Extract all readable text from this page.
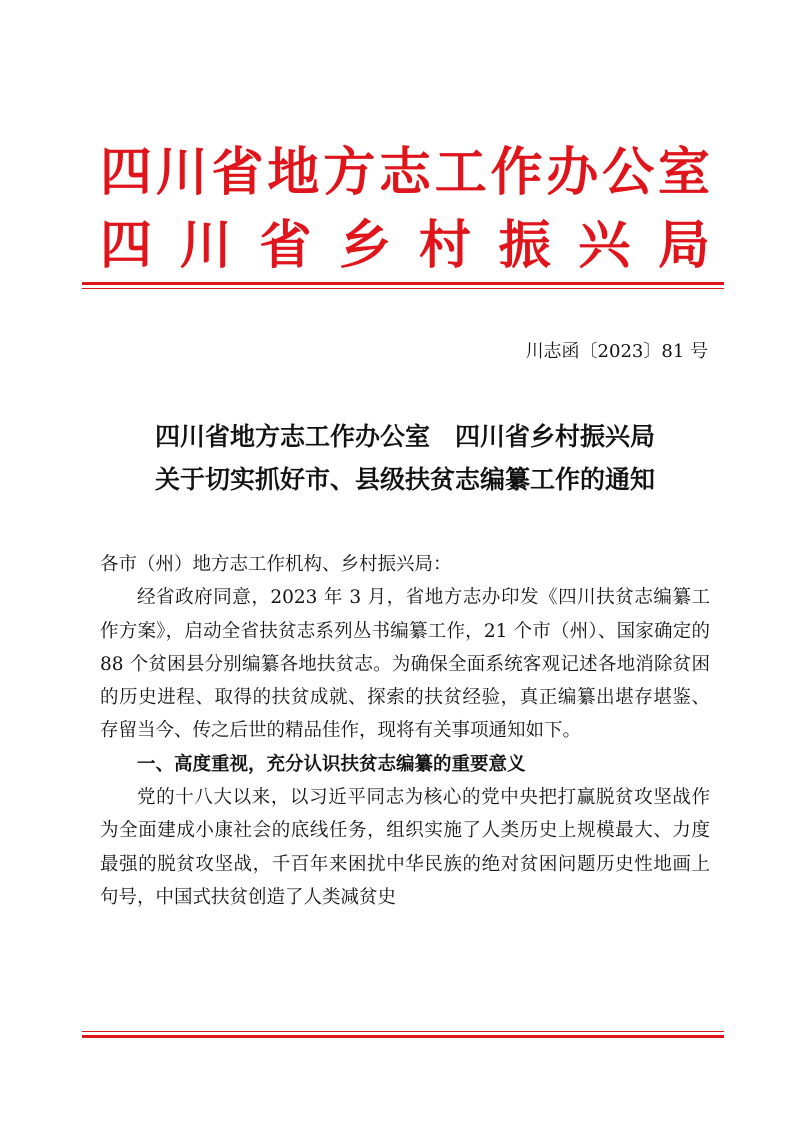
四川省地方志工作办公室
四 川 省 乡 村 振 兴 局
川志函〔2023〕81 号
四川省地方志工作办公室　四川省乡村振兴局
关于切实抓好市、县级扶贫志编纂工作的通知

各市（州）地方志工作机构、乡村振兴局：

经省政府同意，2023 年 3 月，省地方志办印发《四川扶贫志编纂工作方案》，启动全省扶贫志系列丛书编纂工作，21 个市（州）、国家确定的 88 个贫困县分别编纂各地扶贫志。为确保全面系统客观记述各地消除贫困的历史进程、取得的扶贫成就、探索的扶贫经验，真正编纂出堪存堪鉴、存留当今、传之后世的精品佳作，现将有关事项通知如下。

一、高度重视，充分认识扶贫志编纂的重要意义

党的十八大以来，以习近平同志为核心的党中央把打赢脱贫攻坚战作为全面建成小康社会的底线任务，组织实施了人类历史上规模最大、力度最强的脱贫攻坚战，千百年来困扰中华民族的绝对贫困问题历史性地画上句号，中国式扶贫创造了人类减贫史
